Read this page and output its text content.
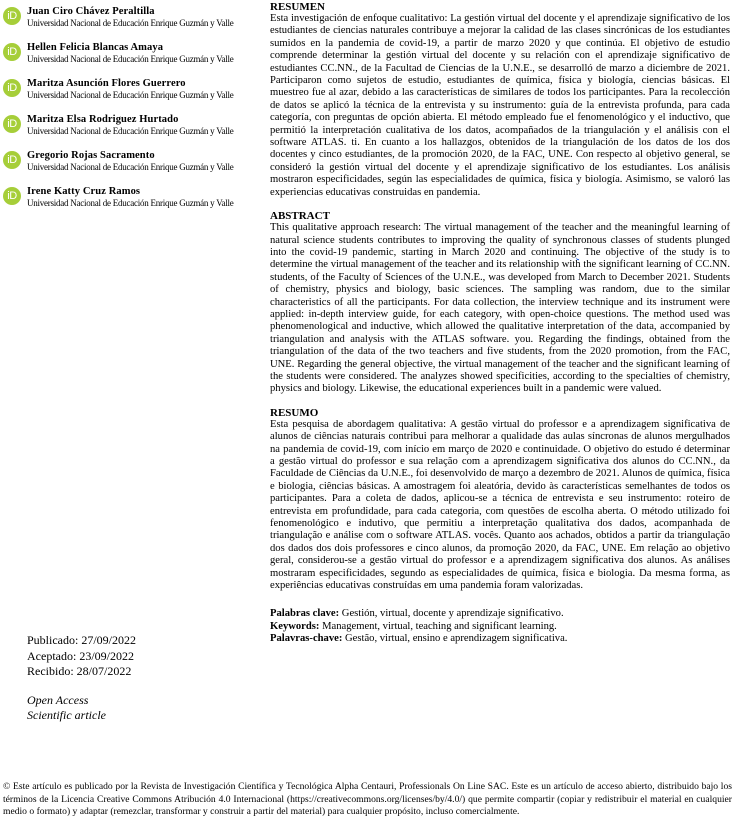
iD Juan Ciro Chávez Peraltilla
Universidad Nacional de Educación Enrique Guzmán y Valle
iD Hellen Felicia Blancas Amaya
Universidad Nacional de Educación Enrique Guzmán y Valle
iD Maritza Asunción Flores Guerrero
Universidad Nacional de Educación Enrique Guzmán y Valle
iD Maritza Elsa Rodriguez Hurtado
Universidad Nacional de Educación Enrique Guzmán y Valle
iD Gregorio Rojas Sacramento
Universidad Nacional de Educación Enrique Guzmán y Valle
iD Irene Katty Cruz Ramos
Universidad Nacional de Educación Enrique Guzmán y Valle
Publicado: 27/09/2022
Aceptado: 23/09/2022
Recibido: 28/07/2022
Open Access
Scientific article
RESUMEN

Esta investigación de enfoque cualitativo: La gestión virtual del docente y el aprendizaje significativo de los estudiantes de ciencias naturales contribuye a mejorar la calidad de las clases sincrónicas de los estudiantes sumidos en la pandemia de covid-19, a partir de marzo 2020 y que continúa. El objetivo de estudio comprende determinar la gestión virtual del docente y su relación con el aprendizaje significativo de estudiantes CC.NN., de la Facultad de Ciencias de la U.N.E., se desarrolló de marzo a diciembre de 2021. Participaron como sujetos de estudio, estudiantes de química, física y biología, ciencias básicas. El muestreo fue al azar, debido a las características de similares de todos los participantes. Para la recolección de datos se aplicó la técnica de la entrevista y su instrumento: guía de la entrevista profunda, para cada categoría, con preguntas de opción abierta. El método empleado fue el fenomenológico y el inductivo, que permitió la interpretación cualitativa de los datos, acompañados de la triangulación y el análisis con el software ATLAS. ti. En cuanto a los hallazgos, obtenidos de la triangulación de los datos de los dos docentes y cinco estudiantes, de la promoción 2020, de la FAC, UNE. Con respecto al objetivo general, se consideró la gestión virtual del docente y el aprendizaje significativo de los estudiantes. Los análisis mostraron especificidades, según las especialidades de química, física y biología. Asimismo, se valoró las experiencias educativas construidas en pandemia.

ABSTRACT

This qualitative approach research: The virtual management of the teacher and the meaningful learning of natural science students contributes to improving the quality of synchronous classes of students plunged into the covid-19 pandemic, starting in March 2020 and continuing. The objective of the study is to determine the virtual management of the teacher and its relationship with the significant learning of CC.NN. students, of the Faculty of Sciences of the U.N.E., was developed from March to December 2021. Students of chemistry, physics and biology, basic sciences. The sampling was random, due to the similar characteristics of all the participants. For data collection, the interview technique and its instrument were applied: in-depth interview guide, for each category, with open-choice questions. The method used was phenomenological and inductive, which allowed the qualitative interpretation of the data, accompanied by triangulation and analysis with the ATLAS software. you. Regarding the findings, obtained from the triangulation of the data of the two teachers and five students, from the 2020 promotion, from the FAC, UNE. Regarding the general objective, the virtual management of the teacher and the significant learning of the students were considered. The analyzes showed specificities, according to the specialties of chemistry, physics and biology. Likewise, the educational experiences built in a pandemic were valued.

RESUMO

Esta pesquisa de abordagem qualitativa: A gestão virtual do professor e a aprendizagem significativa de alunos de ciências naturais contribui para melhorar a qualidade das aulas síncronas de alunos mergulhados na pandemia de covid-19, com início em março de 2020 e continuidade. O objetivo do estudo é determinar a gestão virtual do professor e sua relação com a aprendizagem significativa dos alunos do CC.NN., da Faculdade de Ciências da U.N.E., foi desenvolvido de março a dezembro de 2021. Alunos de química, física e biologia, ciências básicas. A amostragem foi aleatória, devido às características semelhantes de todos os participantes. Para a coleta de dados, aplicou-se a técnica de entrevista e seu instrumento: roteiro de entrevista em profundidade, para cada categoria, com questões de escolha aberta. O método utilizado foi fenomenológico e indutivo, que permitiu a interpretação qualitativa dos dados, acompanhada de triangulação e análise com o software ATLAS. vocês. Quanto aos achados, obtidos a partir da triangulação dos dados dos dois professores e cinco alunos, da promoção 2020, da FAC, UNE. Em relação ao objetivo geral, considerou-se a gestão virtual do professor e a aprendizagem significativa dos alunos. As análises mostraram especificidades, segundo as especialidades de química, física e biologia. Da mesma forma, as experiências educativas construídas em uma pandemia foram valorizadas.

Palabras clave: Gestión, virtual, docente y aprendizaje significativo.
Keywords: Management, virtual, teaching and significant learning.
Palavras-chave: Gestão, virtual, ensino e aprendizagem significativa.
© Este artículo es publicado por la Revista de Investigación Científica y Tecnológica Alpha Centauri, Professionals On Line SAC. Este es un artículo de acceso abierto, distribuido bajo los términos de la Licencia Creative Commons Atribución 4.0 Internacional (https://creativecommons.org/licenses/by/4.0/) que permite compartir (copiar y redistribuir el material en cualquier medio o formato) y adaptar (remezclar, transformar y construir a partir del material) para cualquier propósito, incluso comercialmente.
